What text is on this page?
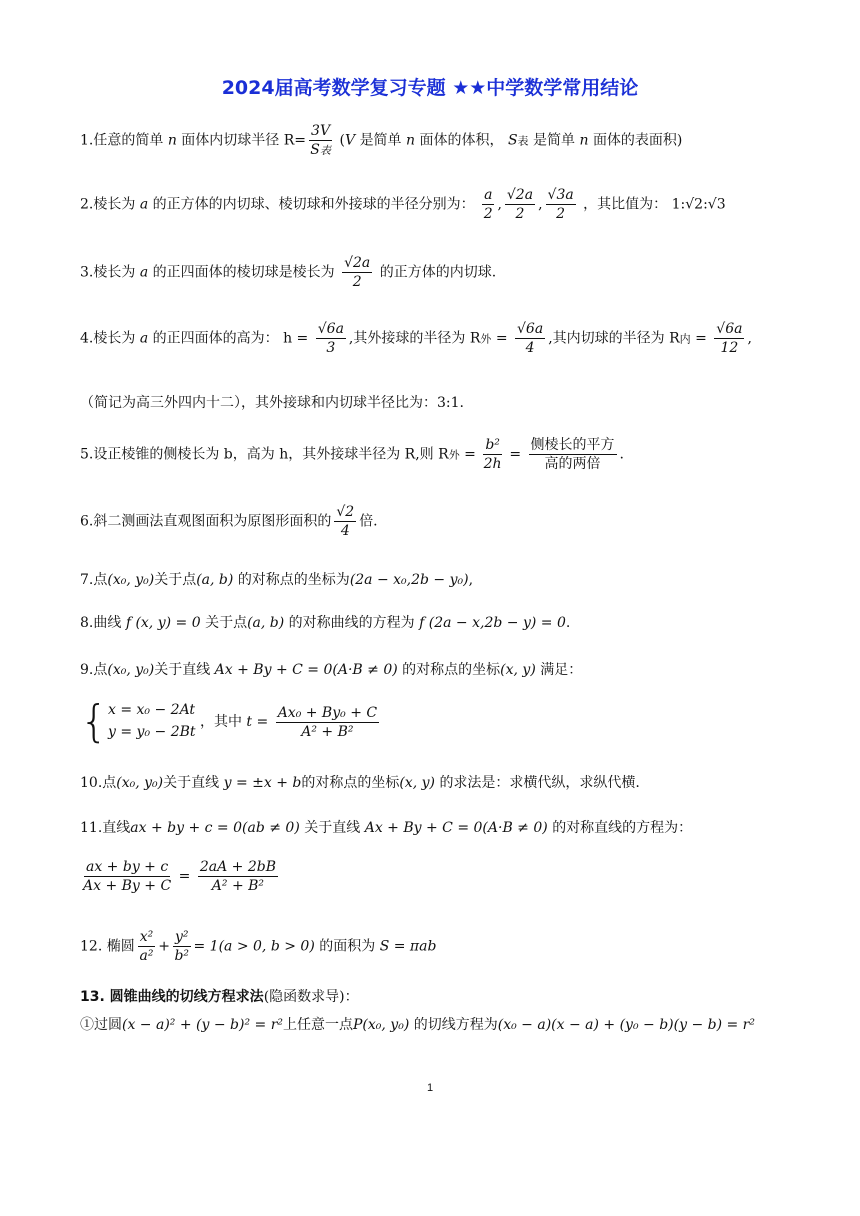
2024届高考数学复习专题 ★★中学数学常用结论
1.任意的简单 n 面体内切球半径 $R= \frac{3V}{\text{S表}} (V$ 是简单 n 面体的体积， S表 是简单 n 面体的表面积)
2.棱长为 a 的正方体的内切球、棱切球和外接球的半径分别为： $\frac{a}{2}$ , $\frac{√2a}{2}$ , $\frac{√3a}{2}$ ，其比值为： 1:√2:√3
3.棱长为 a 的正四面体的棱切球是棱长为 $\frac{√2a}{2}$ 的正方体的内切球.
4.棱长为 a 的正四面体的高为： $h = \frac{√6a}{3}$ ,其外接球的半径为 R外 = $\frac{√6a}{4}$ ,其内切球的半径为 R内 = $\frac{√6a}{12}$ ,
（简记为高三外四内十二），其外接球和内切球半径比为：3:1.
5.设正棱锥的侧棱长为 b，高为 h，其外接球半径为 R,则 R外 = $\frac{\text{b²}}{2h} = \frac{\text{侧棱长的平方}}{\text{高的两倍}}$ .
6.斜二测画法直观图面积为原图形面积的 $\frac{√2}{4}$ 倍.
7.点(x₀, y₀)关于点(a, b) 的对称点的坐标为(2a − x₀,2b − y₀),
8.曲线 f (x, y) = 0 关于点(a, b) 的对称曲线的方程为 f (2a − x,2b − y) = 0.
9.点(x₀, y₀)关于直线 Ax + By + C = 0(A·B ≠ 0) 的对称点的坐标(x, y) 满足：
{ x = x₀ − 2At
y = y₀ − 2Bt
，其中 $t = \frac{\text{Ax₀ + By₀ + C}}{\text{A² + B²}}$
10.点(x₀, y₀)关于直线 y = ±x + b的对称点的坐标(x, y) 的求法是：求横代纵，求纵代横.
11.直线ax + by + c = 0(ab ≠ 0) 关于直线 Ax + By + C = 0(A·B ≠ 0) 的对称直线的方程为：
$\frac{ax + by + c}{Ax + By + C} = \frac{2aA + 2bB}{\text{A² + B²}}$
12. 椭圆 $\frac{\text{x²}}{\text{a²}} + \frac{\text{y²}}{\text{b²}} = 1(a > 0$, b > 0) 的面积为 S = πab
13. 圆锥曲线的切线方程求法(隐函数求导)：
①过圆(x − a)² + (y − b)² = r²上任意一点P(x₀, y₀) 的切线方程为(x₀ − a)(x − a) + (y₀ − b)(y − b) = r²
1
